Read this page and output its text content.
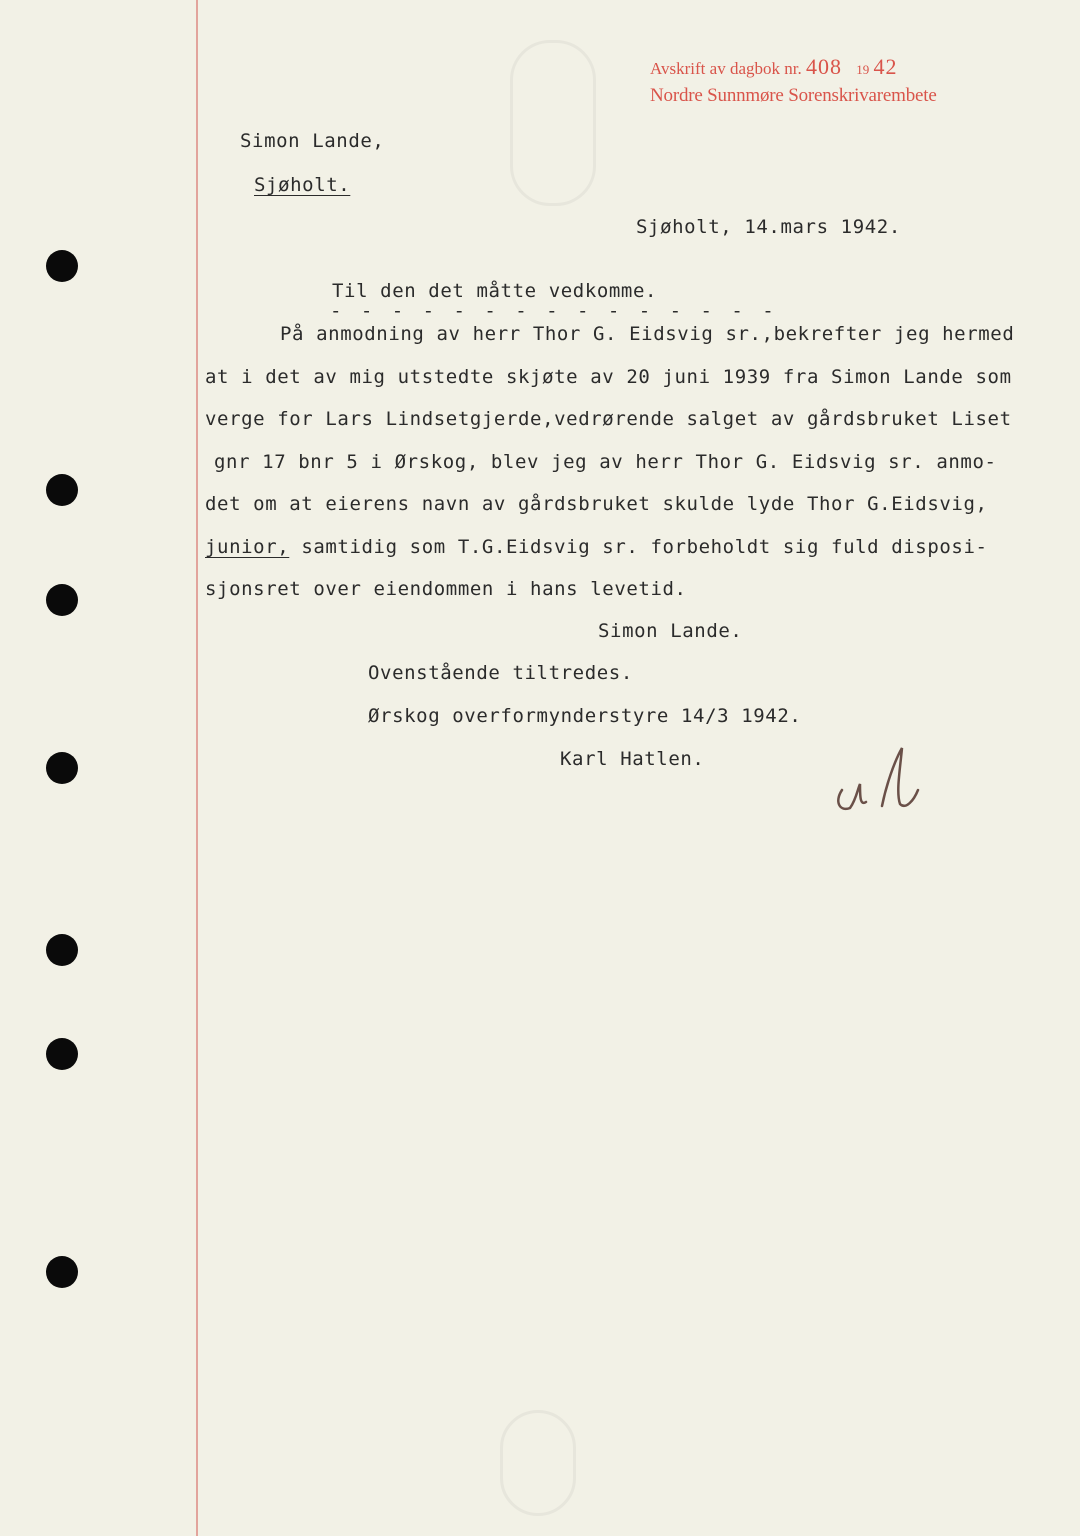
Avskrift av dagbok nr. 408 19 42
Nordre Sunnmøre Sorenskrivarembete
Simon Lande,
Sjøholt.
Sjøholt, 14.mars 1942.
Til den det måtte vedkomme.
- - - - - - - - - - - - - - -
På anmodning av herr Thor G. Eidsvig sr.,bekrefter jeg hermed
at i det av mig utstedte skjøte av 20 juni 1939 fra Simon Lande som
verge for Lars Lindsetgjerde,vedrørende salget av gårdsbruket Liset
gnr 17 bnr 5 i Ørskog, blev jeg av herr Thor G. Eidsvig sr. anmo-
det om at eierens navn av gårdsbruket skulde lyde Thor G.Eidsvig,
junior, samtidig som T.G.Eidsvig sr. forbeholdt sig fuld disposi-
sjonsret over eiendommen i hans levetid.
Simon Lande.
Ovenstående tiltredes.
Ørskog overformynderstyre 14/3 1942.
Karl Hatlen.
